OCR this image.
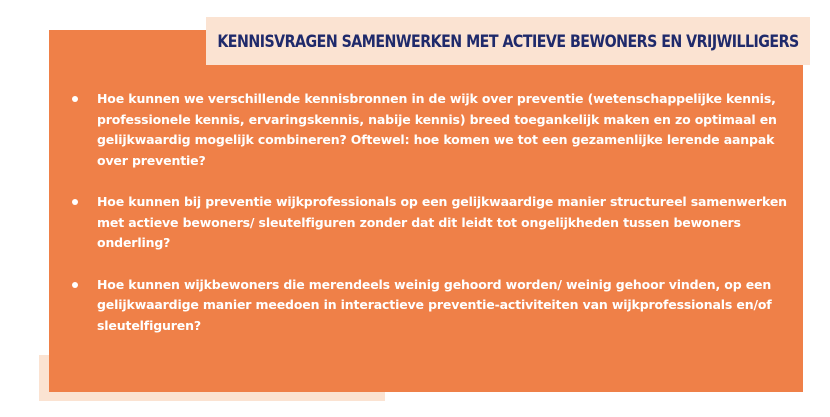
KENNISVRAGEN SAMENWERKEN MET ACTIEVE BEWONERS EN VRIJWILLIGERS
Hoe kunnen we verschillende kennisbronnen in de wijk over preventie (wetenschappelijke kennis, professionele kennis, ervaringskennis, nabije kennis) breed toegankelijk maken en zo optimaal en gelijkwaardig mogelijk combineren? Oftewel: hoe komen we tot een gezamenlijke lerende aanpak over preventie?
Hoe kunnen bij preventie wijkprofessionals op een gelijkwaardige manier structureel samenwerken met actieve bewoners/ sleutelfiguren zonder dat dit leidt tot ongelijkheden tussen bewoners onderling?
Hoe kunnen wijkbewoners die merendeels weinig gehoord worden/ weinig gehoor vinden, op een gelijkwaardige manier meedoen in interactieve preventie-activiteiten van wijkprofessionals en/of sleutelfiguren?
